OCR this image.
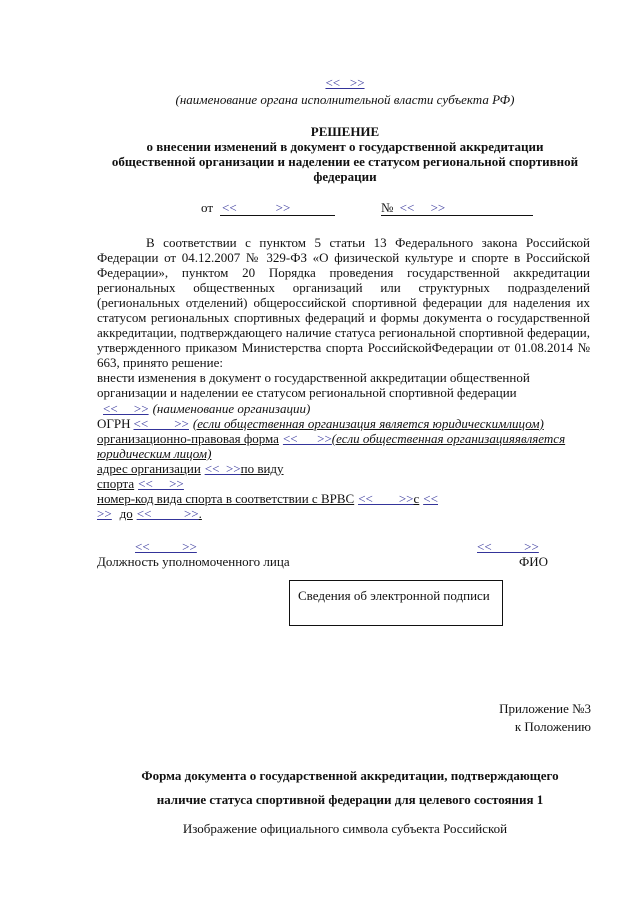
<<   >>
(наименование органа исполнительной власти субъекта РФ)
РЕШЕНИЕ
о внесении изменений в документ о государственной аккредитации
общественной организации и наделении ее статусом региональной спортивной
федерации
от <<            >>	№ <<     >>
В соответствии с пунктом 5 статьи 13 Федерального закона Российской
Федерации от 04.12.2007 № 329-ФЗ «О физической культуре и спорте в Российской
Федерации», пунктом 20 Порядка проведения государственной аккредитации
региональных общественных организаций или структурных подразделений
(региональных отделений) общероссийской спортивной федерации для наделения их
статусом региональных спортивных федераций и формы документа о государственной
аккредитации, подтверждающего наличие статуса региональной спортивной федерации,
утвержденного приказом Министерства спорта РоссийскойФедерации от 01.08.2014 №
663, принято решение:
внести изменения в документ о государственной аккредитации общественной
организации и наделении ее статусом региональной спортивной федерации
<<     >> (наименование организации)
ОГРН <<        >> (если общественная организация является юридическимлицом)
организационно-правовая форма <<      >>(если общественная организацияявляется
юридическим лицом)
адрес организации <<  >>по виду
спорта <<     >>
номер-код вида спорта в соответствии с ВРВС <<        >>с <<
>> до <<          >>.
<<          >>	<<          >>
Должность уполномоченного лица	ФИО
Сведения об электронной подписи
Приложение №3
к Положению
Форма документа о государственной аккредитации, подтверждающего
наличие статуса спортивной федерации для целевого состояния 1
Изображение официального символа субъекта Российской
